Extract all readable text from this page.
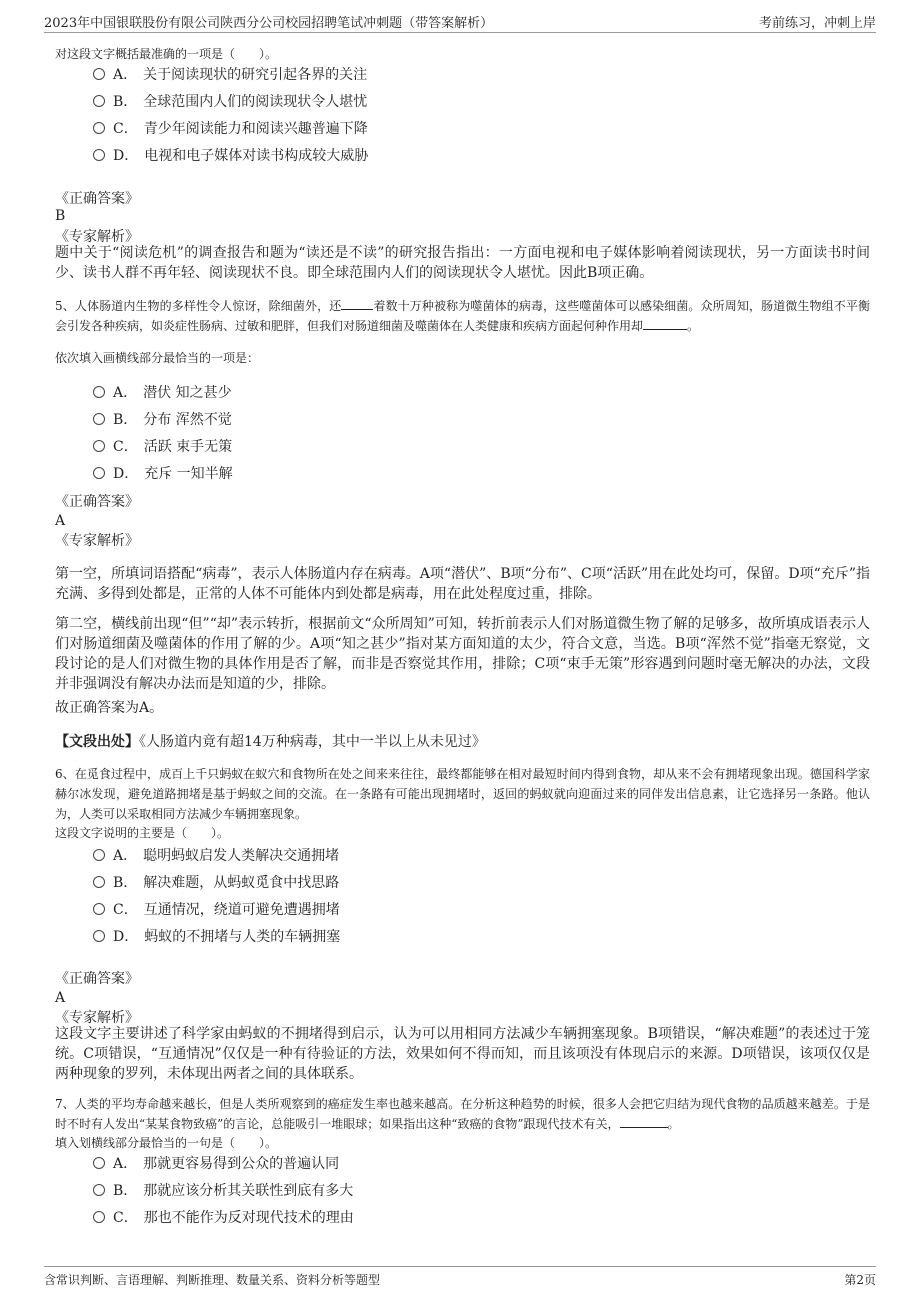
2023年中国银联股份有限公司陕西分公司校园招聘笔试冲刺题（带答案解析）	考前练习，冲刺上岸
对这段文字概括最准确的一项是（　　）。
A． 关于阅读现状的研究引起各界的关注
B． 全球范围内人们的阅读现状令人堪忧
C． 青少年阅读能力和阅读兴趣普遍下降
D． 电视和电子媒体对读书构成较大威胁
《正确答案》
B
《专家解析》
题中关于“阅读危机”的调查报告和题为“读还是不读”的研究报告指出：一方面电视和电子媒体影响着阅读现状，另一方面读书时间少、读书人群不再年轻、阅读现状不良。即全球范围内人们的阅读现状令人堪忧。因此B项正确。
5、人体肠道内生物的多样性令人惊讶，除细菌外，还	着数十万种被称为噬菌体的病毒，这些噬菌体可以感染细菌。众所周知，肠道微生物组不平衡会引发各种疾病，如炎症性肠病、过敏和肥胖，但我们对肠道细菌及噬菌体在人类健康和疾病方面起何种作用却	。
依次填入画横线部分最恰当的一项是：
A． 潜伏 知之甚少
B． 分布 浑然不觉
C． 活跃 束手无策
D． 充斥 一知半解
《正确答案》
A
《专家解析》
第一空，所填词语搭配“病毒”，表示人体肠道内存在病毒。A项“潜伏”、B项“分布”、C项“活跃”用在此处均可，保留。D项“充斥”指充满、多得到处都是，正常的人体不可能体内到处都是病毒，用在此处程度过重，排除。
第二空，横线前出现“但”“却”表示转折，根据前文“众所周知”可知，转折前表示人们对肠道微生物了解的足够多，故所填成语表示人们对肠道细菌及噬菌体的作用了解的少。A项“知之甚少”指对某方面知道的太少，符合文意，当选。B项“浑然不觉”指毫无察觉，文段讨论的是人们对微生物的具体作用是否了解，而非是否察觉其作用，排除；C项“束手无策”形容遇到问题时毫无解决的办法，文段并非强调没有解决办法而是知道的少，排除。
故正确答案为A。
【文段出处】《人肠道内竟有超14万种病毒，其中一半以上从未见过》
6、在觅食过程中，成百上千只蚂蚁在蚁穴和食物所在处之间来来往往，最终都能够在相对最短时间内得到食物，却从来不会有拥堵现象出现。德国科学家赫尔冰发现，避免道路拥堵是基于蚂蚁之间的交流。在一条路有可能出现拥堵时，返回的蚂蚁就向迎面过来的同伴发出信息素，让它选择另一条路。他认为，人类可以采取相同方法减少车辆拥塞现象。
这段文字说明的主要是（　　）。
A． 聪明蚂蚁启发人类解决交通拥堵
B． 解决难题，从蚂蚁觅食中找思路
C． 互通情况，绕道可避免遭遇拥堵
D． 蚂蚁的不拥堵与人类的车辆拥塞
《正确答案》
A
《专家解析》
这段文字主要讲述了科学家由蚂蚁的不拥堵得到启示，认为可以用相同方法减少车辆拥塞现象。B项错误，“解决难题”的表述过于笼统。C项错误，“互通情况”仅仅是一种有待验证的方法，效果如何不得而知，而且该项没有体现启示的来源。D项错误，该项仅仅是两种现象的罗列，未体现出两者之间的具体联系。
7、人类的平均寿命越来越长，但是人类所观察到的癌症发生率也越来越高。在分析这种趋势的时候，很多人会把它归结为现代食物的品质越来越差。于是时不时有人发出“某某食物致癌”的言论，总能吸引一堆眼球；如果指出这种“致癌的食物”跟现代技术有关，	。
填入划横线部分最恰当的一句是（　　）。
A． 那就更容易得到公众的普遍认同
B． 那就应该分析其关联性到底有多大
C． 那也不能作为反对现代技术的理由
含常识判断、言语理解、判断推理、数量关系、资料分析等题型	第2页
